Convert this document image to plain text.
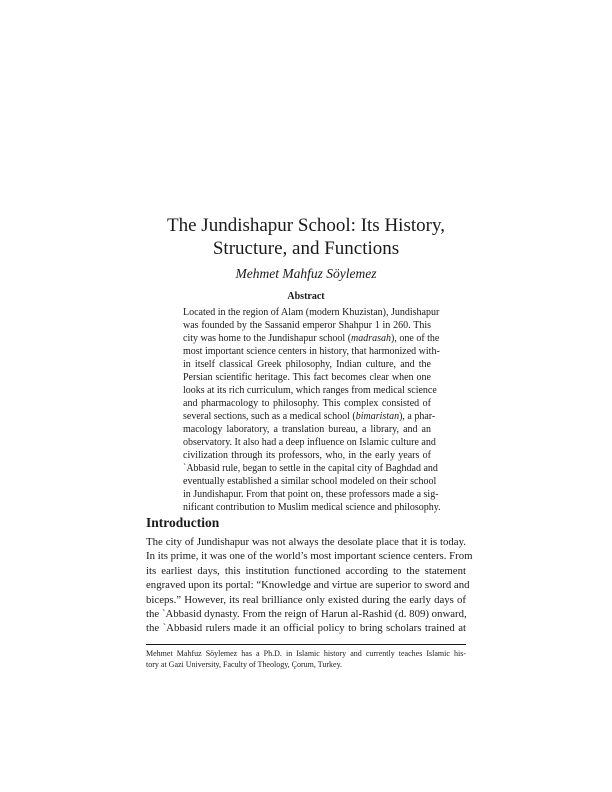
The Jundishapur School: Its History,
Structure, and Functions
Mehmet Mahfuz Söylemez
Abstract

Located in the region of Alam (modern Khuzistan), Jundishapur
was founded by the Sassanid emperor Shahpur 1 in 260. This
city was home to the Jundishapur school (madrasah), one of the
most important science centers in history, that harmonized with-
in itself classical Greek philosophy, Indian culture, and the
Persian scientific heritage. This fact becomes clear when one
looks at its rich curriculum, which ranges from medical science
and pharmacology to philosophy. This complex consisted of
several sections, such as a medical school (bimaristan), a phar-
macology laboratory, a translation bureau, a library, and an
observatory. It also had a deep influence on Islamic culture and
civilization through its professors, who, in the early years of
`Abbasid rule, began to settle in the capital city of Baghdad and
eventually established a similar school modeled on their school
in Jundishapur. From that point on, these professors made a sig-
nificant contribution to Muslim medical science and philosophy.

Introduction

The city of Jundishapur was not always the desolate place that it is today.
In its prime, it was one of the world’s most important science centers. From
its earliest days, this institution functioned according to the statement
engraved upon its portal: “Knowledge and virtue are superior to sword and
biceps.” However, its real brilliance only existed during the early days of
the `Abbasid dynasty. From the reign of Harun al-Rashid (d. 809) onward,
the `Abbasid rulers made it an official policy to bring scholars trained at

Mehmet Mahfuz Söylemez has a Ph.D. in Islamic history and currently teaches Islamic his-
tory at Gazi University, Faculty of Theology, Çorum, Turkey.
